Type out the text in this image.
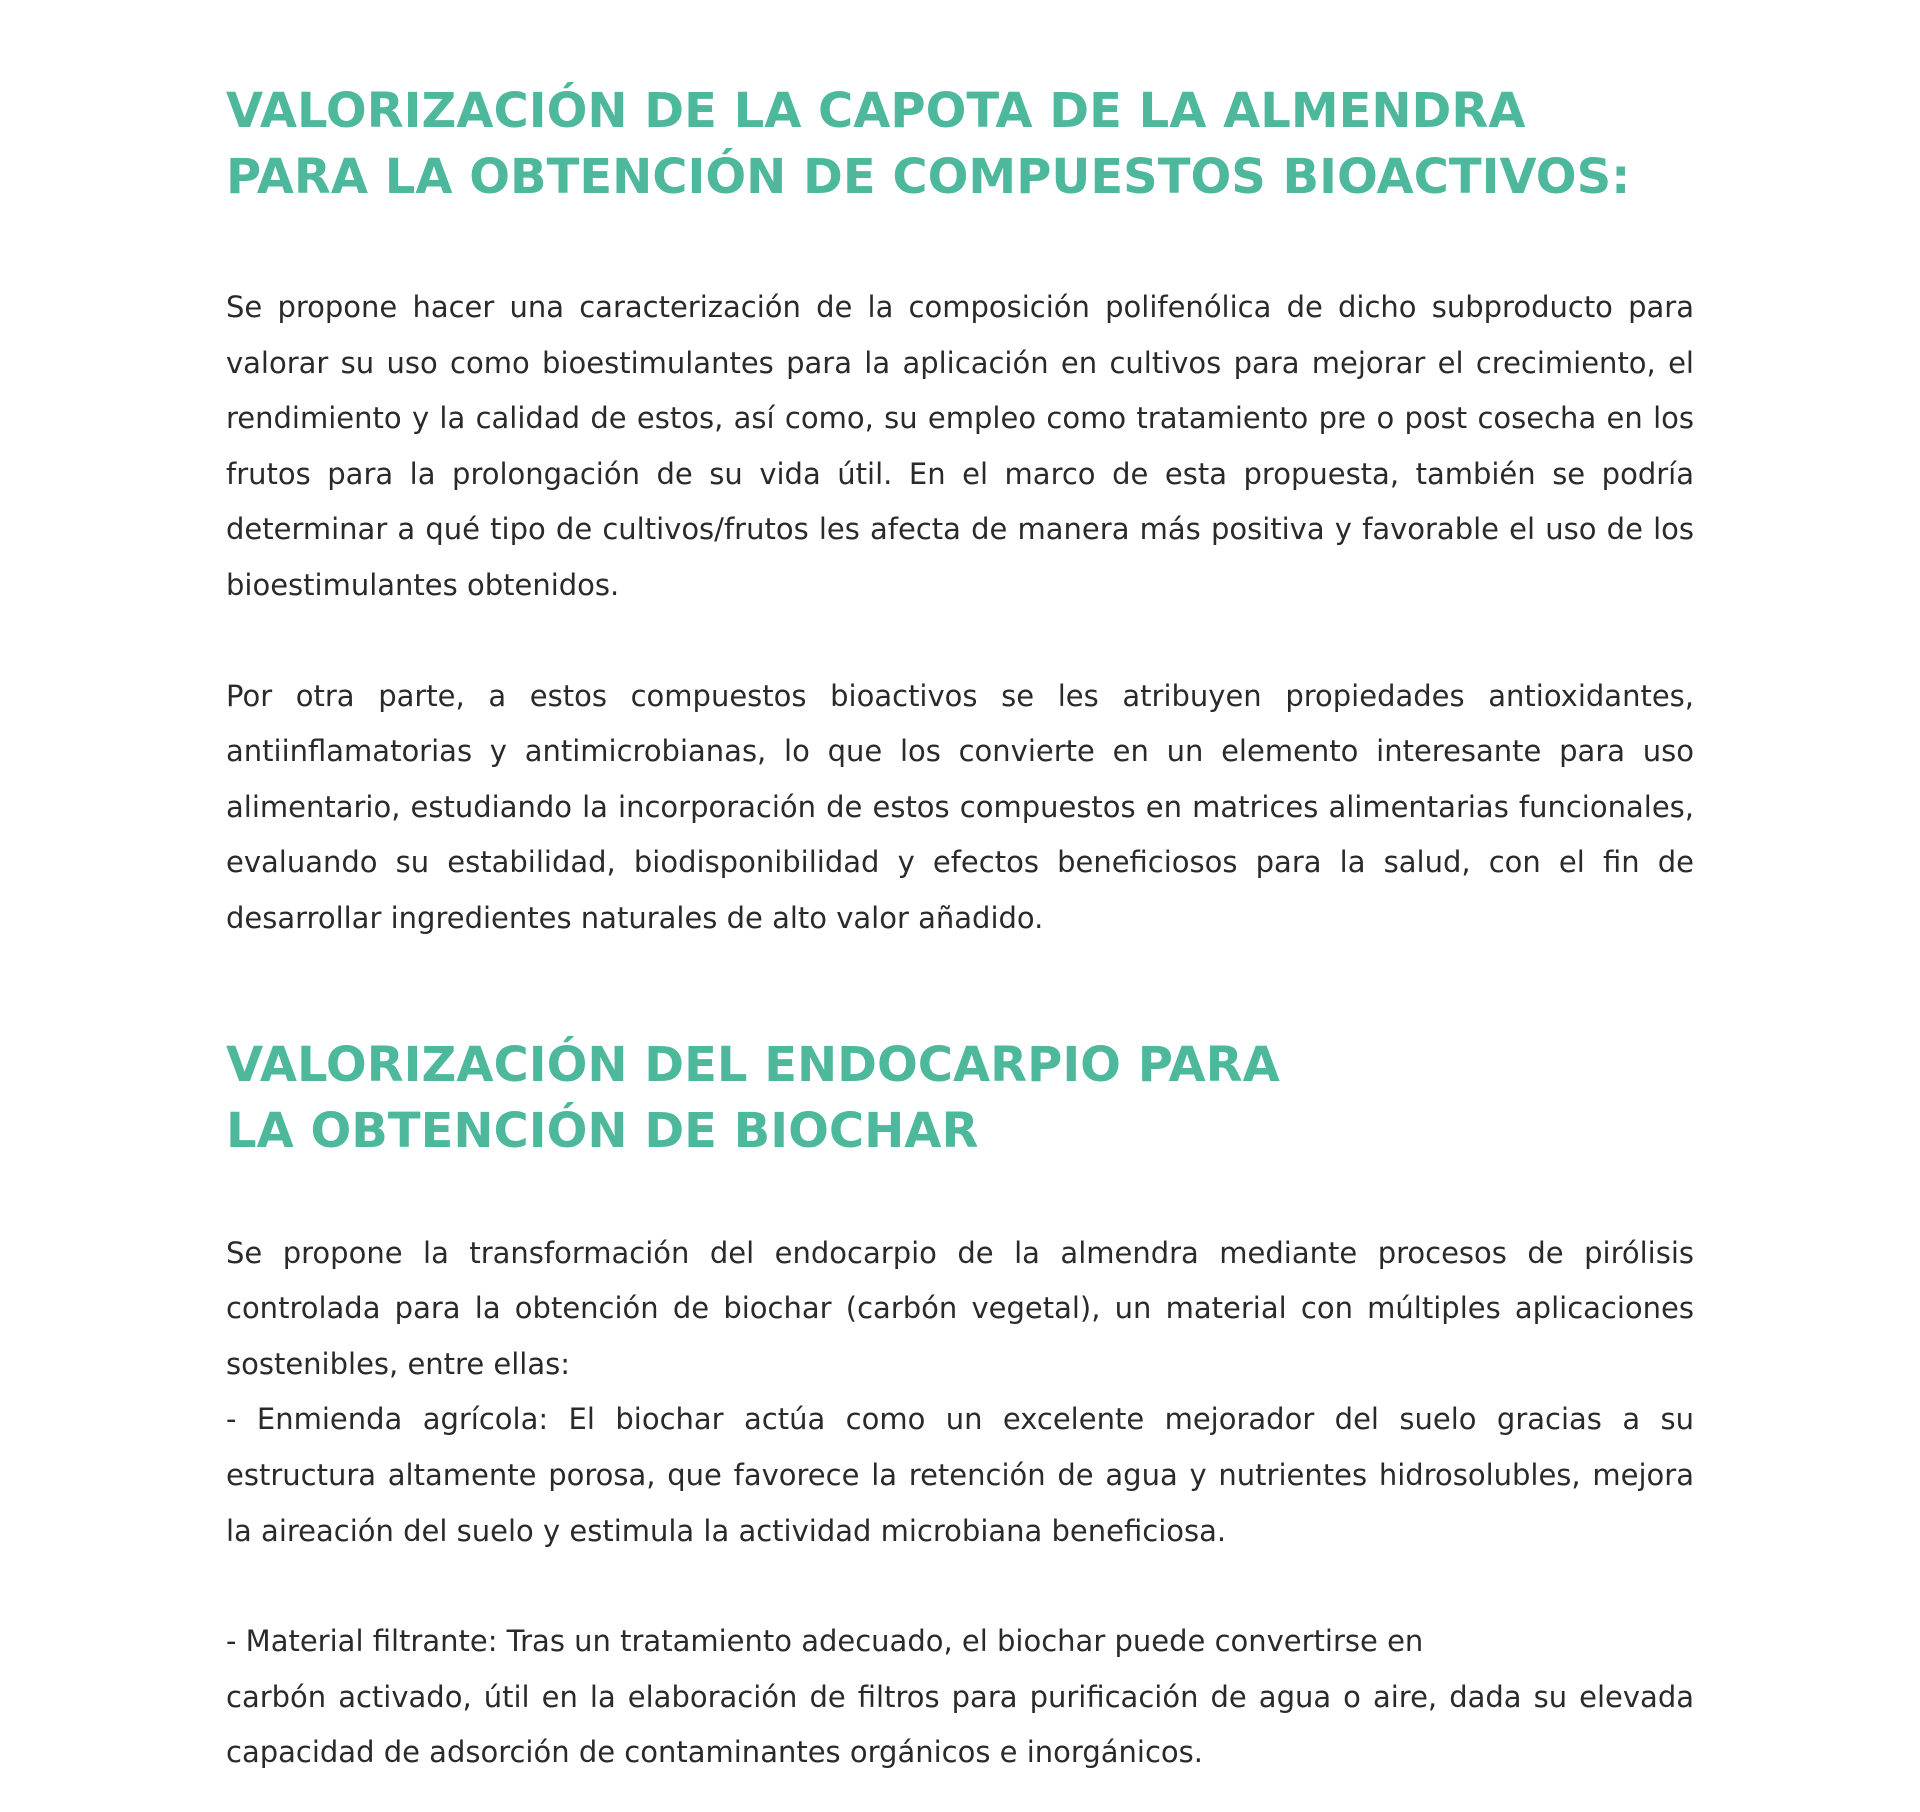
VALORIZACIÓN DE LA CAPOTA DE LA ALMENDRA
PARA LA OBTENCIÓN DE COMPUESTOS BIOACTIVOS:

Se propone hacer una caracterización de la composición polifenólica de dicho subproducto para valorar su uso como bioestimulantes para la aplicación en cultivos para mejorar el crecimiento, el rendimiento y la calidad de estos, así como, su empleo como tratamiento pre o post cosecha en los frutos para la prolongación de su vida útil. En el marco de esta propuesta, también se podría determinar a qué tipo de cultivos/frutos les afecta de manera más positiva y favorable el uso de los bioestimulantes obtenidos.

Por otra parte, a estos compuestos bioactivos se les atribuyen propiedades antioxidantes, antiinflamatorias y antimicrobianas, lo que los convierte en un elemento interesante para uso alimentario, estudiando la incorporación de estos compuestos en matrices alimentarias funcionales, evaluando su estabilidad, biodisponibilidad y efectos beneficiosos para la salud, con el fin de desarrollar ingredientes naturales de alto valor añadido.

VALORIZACIÓN DEL ENDOCARPIO PARA
LA OBTENCIÓN DE BIOCHAR

Se propone la transformación del endocarpio de la almendra mediante procesos de pirólisis controlada para la obtención de biochar (carbón vegetal), un material con múltiples aplicaciones sostenibles, entre ellas:
- Enmienda agrícola: El biochar actúa como un excelente mejorador del suelo gracias a su estructura altamente porosa, que favorece la retención de agua y nutrientes hidrosolubles, mejora la aireación del suelo y estimula la actividad microbiana beneficiosa.

- Material filtrante: Tras un tratamiento adecuado, el biochar puede convertirse en
carbón activado, útil en la elaboración de filtros para purificación de agua o aire, dada su elevada capacidad de adsorción de contaminantes orgánicos e inorgánicos.
